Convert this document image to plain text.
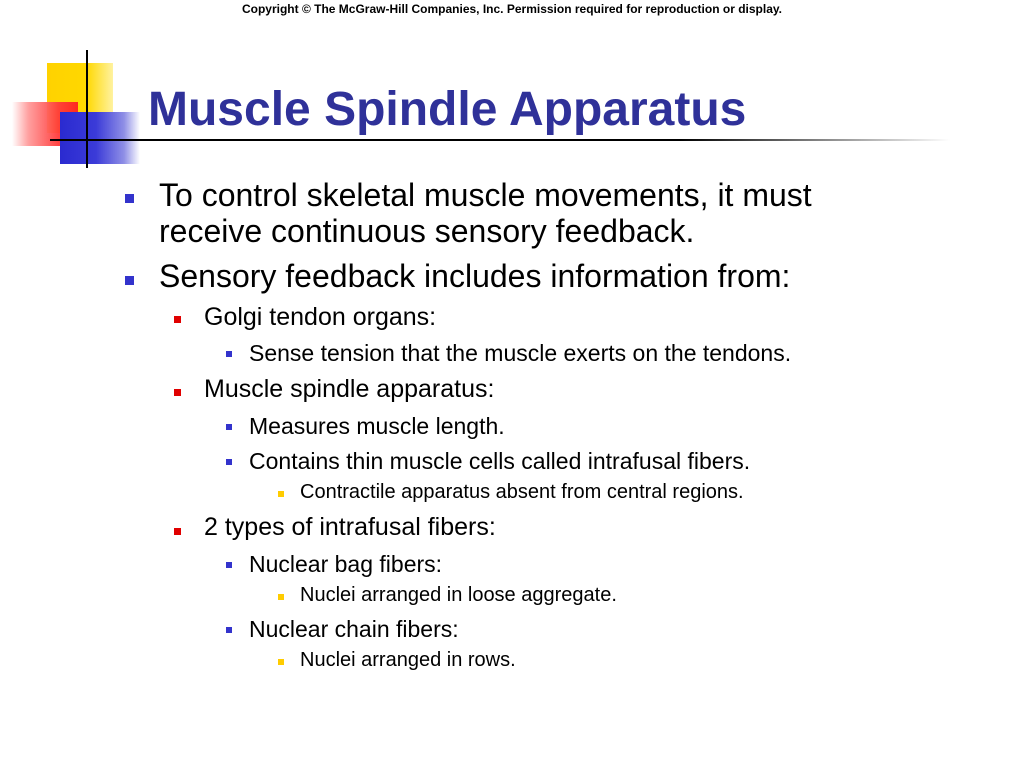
Copyright © The McGraw-Hill Companies, Inc. Permission required for reproduction or display.
Muscle Spindle Apparatus
To control skeletal muscle movements, it must
receive continuous sensory feedback.
Sensory feedback includes information from:
Golgi tendon organs:
Sense tension that the muscle exerts on the tendons.
Muscle spindle apparatus:
Measures muscle length.
Contains thin muscle cells called intrafusal fibers.
Contractile apparatus absent from central regions.
2 types of intrafusal fibers:
Nuclear bag fibers:
Nuclei arranged in loose aggregate.
Nuclear chain fibers:
Nuclei arranged in rows.
